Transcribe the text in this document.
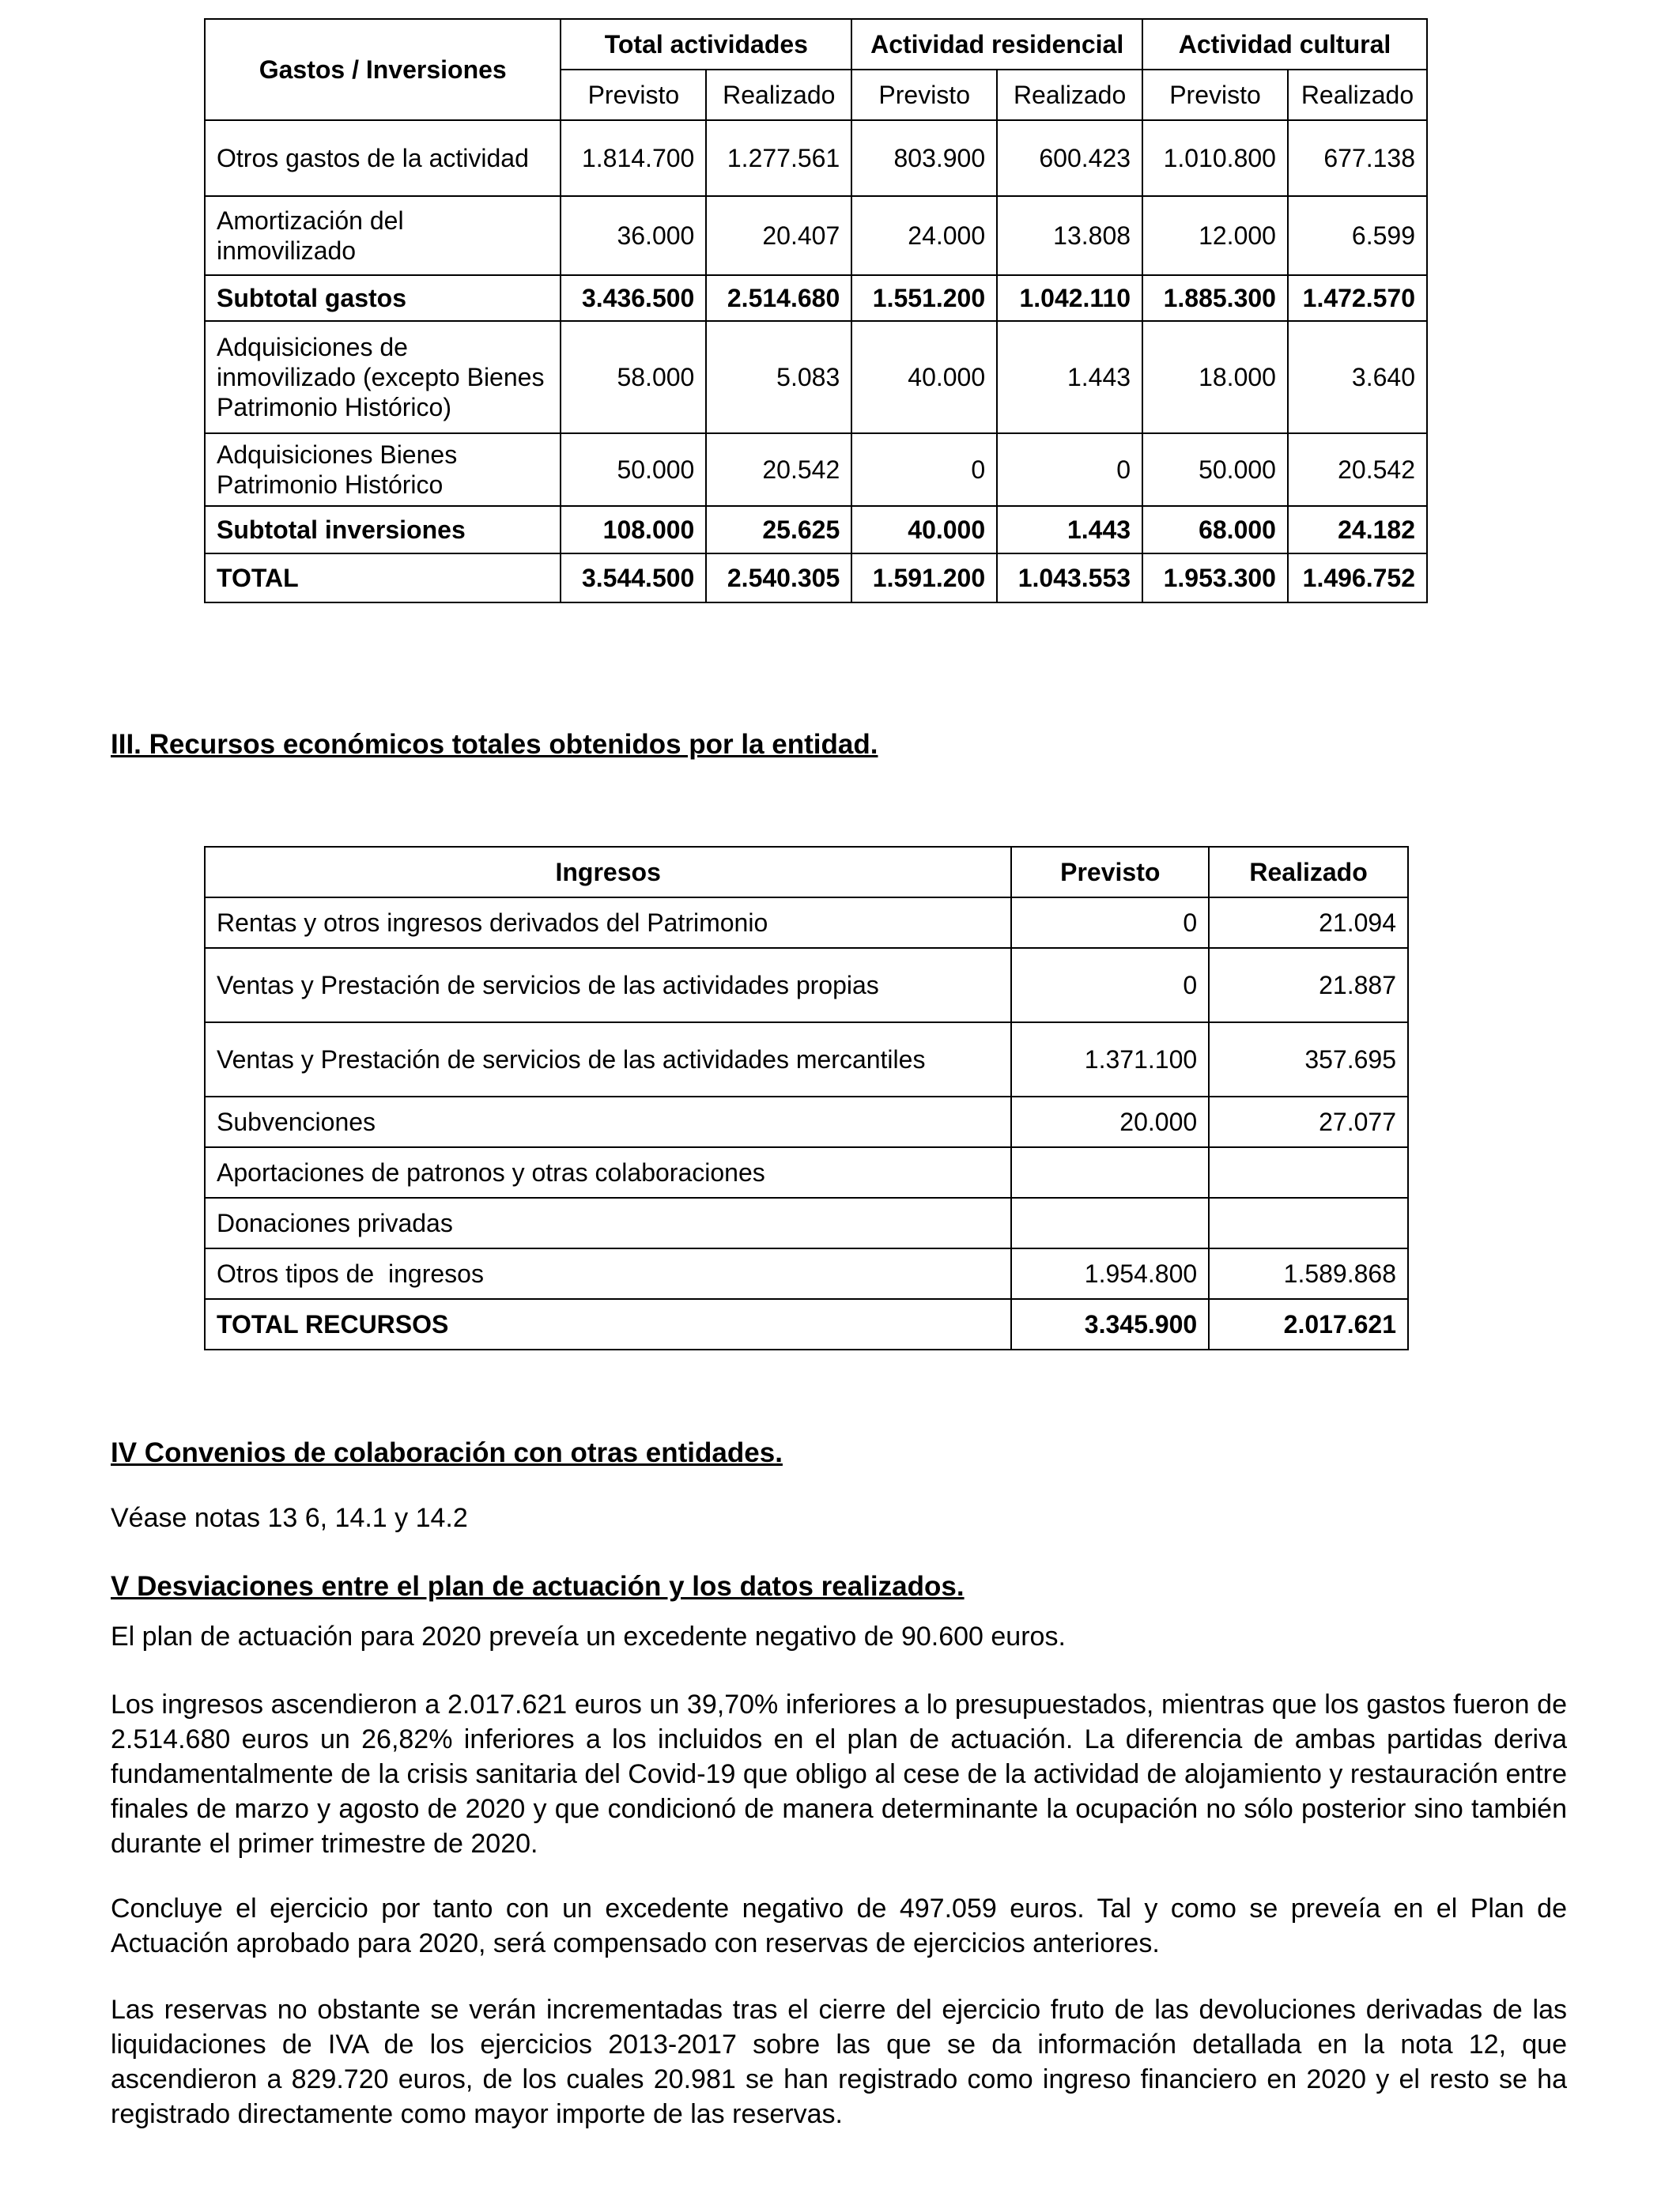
Gastos / Inversiones	Total actividades		Actividad residencial		Actividad cultural	
	Previsto	Realizado	Previsto	Realizado	Previsto	Realizado
Otros gastos de la actividad	1.814.700	1.277.561	803.900	600.423	1.010.800	677.138
Amortización del inmovilizado	36.000	20.407	24.000	13.808	12.000	6.599
Subtotal gastos	3.436.500	2.514.680	1.551.200	1.042.110	1.885.300	1.472.570
Adquisiciones de inmovilizado (excepto Bienes Patrimonio Histórico)	58.000	5.083	40.000	1.443	18.000	3.640
Adquisiciones Bienes Patrimonio Histórico	50.000	20.542	0	0	50.000	20.542
Subtotal inversiones	108.000	25.625	40.000	1.443	68.000	24.182
TOTAL	3.544.500	2.540.305	1.591.200	1.043.553	1.953.300	1.496.752
III. Recursos económicos totales obtenidos por la entidad.
Ingresos	Previsto	Realizado
Rentas y otros ingresos derivados del Patrimonio	0	21.094
Ventas y Prestación de servicios de las actividades propias	0	21.887
Ventas y Prestación de servicios de las actividades mercantiles	1.371.100	357.695
Subvenciones	20.000	27.077
Aportaciones de patronos y otras colaboraciones		
Donaciones privadas		
Otros tipos de  ingresos	1.954.800	1.589.868
TOTAL RECURSOS	3.345.900	2.017.621
IV Convenios de colaboración con otras entidades.

Véase notas 13 6, 14.1 y 14.2

V Desviaciones entre el plan de actuación y los datos realizados.

El plan de actuación para 2020 preveía un excedente negativo de 90.600 euros.

Los ingresos ascendieron a 2.017.621 euros un 39,70% inferiores a lo presupuestados, mientras que los gastos fueron de 2.514.680 euros un 26,82% inferiores a los incluidos en el plan de actuación. La diferencia de ambas partidas deriva fundamentalmente de la crisis sanitaria del Covid-19 que obligo al cese de la actividad de alojamiento y restauración entre finales de marzo y agosto de 2020 y que condicionó de manera determinante la ocupación no sólo posterior sino también durante el primer trimestre de 2020.

Concluye el ejercicio por tanto con un excedente negativo de 497.059 euros. Tal y como se preveía en el Plan de Actuación aprobado para 2020, será compensado con reservas de ejercicios anteriores.

Las reservas no obstante se verán incrementadas tras el cierre del ejercicio fruto de las devoluciones derivadas de las liquidaciones de IVA de los ejercicios 2013-2017 sobre las que se da información detallada en la nota 12, que ascendieron a 829.720 euros, de los cuales 20.981 se han registrado como ingreso financiero en 2020 y el resto se ha registrado directamente como mayor importe de las reservas.
